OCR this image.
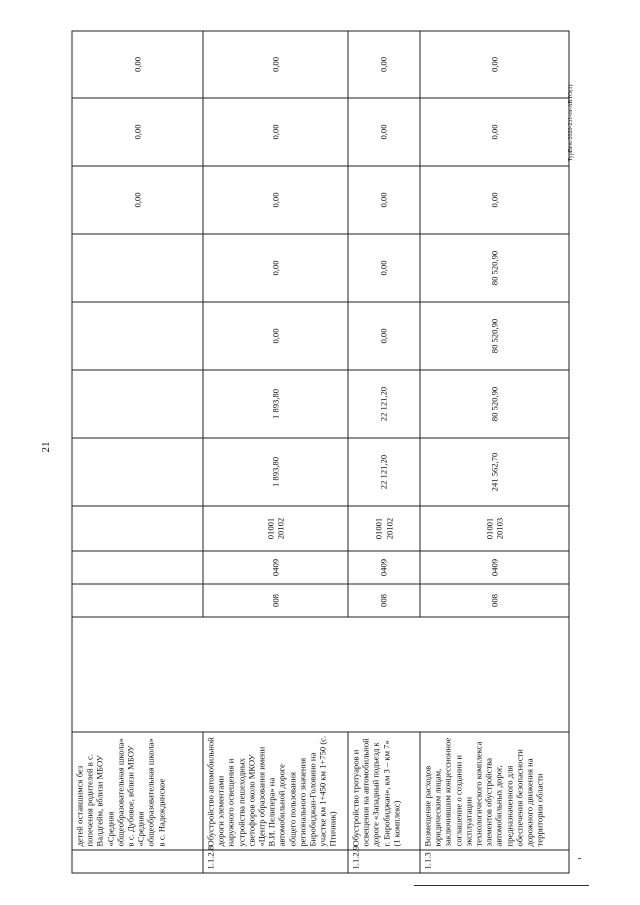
21
TypBew/2020-211-rn-ABTO(1)
	детей оставшимся без попечения родителей в с. Валдгейм, вблизи МБОУ «Средняя общеобразовательная школа» в с. Дубовое, вблизи МБОУ «Средняя общеобразовательная школа» в с. Надеждинское									0,00	0,00	0,00
1.1.2.8	Обустройство автомобильной дороги элементами наружного освещения и устройства пешеходных светофоров около МКОУ «Центр образования имени В.И. Пелипера» на автомобильной дороге общего пользования регионального значения Биробиджан-Головино на участке км 1+450 км 1+750 (с. Птичник)		008	0409	01001 20102	1 893,80	1 893,80	0,00	0,00	0,00	0,00	0,00
1.1.2.9	Обустройство тротуаров и освещения на автомобильной дороге «Западный подъезд к г. Биробиджан», км 3 – км 7» (1 комплекс)		008	0409	01001 20102	22 121,20	22 121,20	0,00	0,00	0,00	0,00	0,00
1.1.3	Возмещение расходов юридическим лицам, заключившим концессионное соглашение о создании и эксплуатации технологического комплекса элементов обустройства автомобильных дорог, предназначенного для обеспечения безопасности дорожного движения на территории области		008	0409	01001 20103	241 562,70	80 520,90	80 520,90	80 520,90	0,00	0,00	0,00
